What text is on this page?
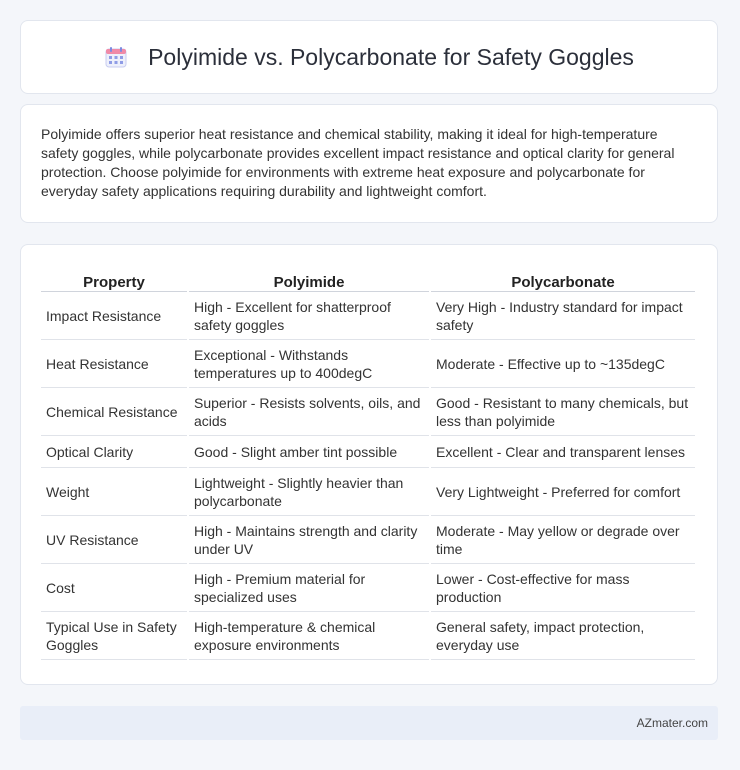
Polyimide vs. Polycarbonate for Safety Goggles

Polyimide offers superior heat resistance and chemical stability, making it ideal for high-temperature safety goggles, while polycarbonate provides excellent impact resistance and optical clarity for general protection. Choose polyimide for environments with extreme heat exposure and polycarbonate for everyday safety applications requiring durability and lightweight comfort.

Property	Polyimide	Polycarbonate
Impact Resistance	High - Excellent for shatterproof safety goggles	Very High - Industry standard for impact safety
Heat Resistance	Exceptional - Withstands temperatures up to 400degC	Moderate - Effective up to ~135degC
Chemical Resistance	Superior - Resists solvents, oils, and acids	Good - Resistant to many chemicals, but less than polyimide
Optical Clarity	Good - Slight amber tint possible	Excellent - Clear and transparent lenses
Weight	Lightweight - Slightly heavier than polycarbonate	Very Lightweight - Preferred for comfort
UV Resistance	High - Maintains strength and clarity under UV	Moderate - May yellow or degrade over time
Cost	High - Premium material for specialized uses	Lower - Cost-effective for mass production
Typical Use in Safety Goggles	High-temperature & chemical exposure environments	General safety, impact protection, everyday use
AZmater.com
